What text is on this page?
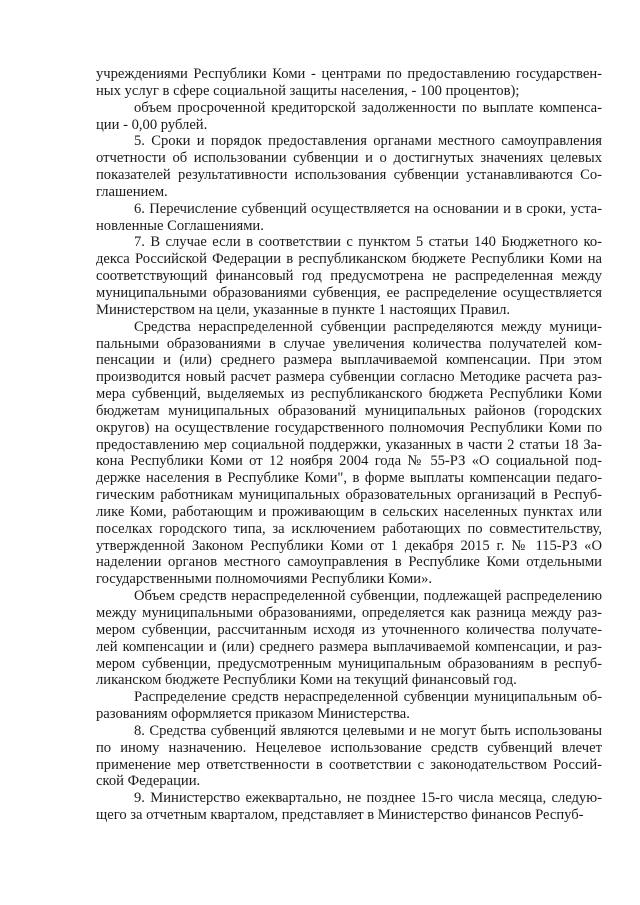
учреждениями Республики Коми - центрами по предоставлению государствен-ных услуг в сфере социальной защиты населения, - 100 процентов);

объем просроченной кредиторской задолженности по выплате компенса-ции - 0,00 рублей.

5. Сроки и порядок предоставления органами местного самоуправления отчетности об использовании субвенции и о достигнутых значениях целевых показателей результативности использования субвенции устанавливаются Со-глашением.

6. Перечисление субвенций осуществляется на основании и в сроки, уста-новленные Соглашениями.

7. В случае если в соответствии с пунктом 5 статьи 140 Бюджетного ко-декса Российской Федерации в республиканском бюджете Республики Коми на соответствующий финансовый год предусмотрена не распределенная между муниципальными образованиями субвенция, ее распределение осуществляется Министерством на цели, указанные в пункте 1 настоящих Правил.

Средства нераспределенной субвенции распределяются между муници-пальными образованиями в случае увеличения количества получателей ком-пенсации и (или) среднего размера выплачиваемой компенсации. При этом производится новый расчет размера субвенции согласно Методике расчета раз-мера субвенций, выделяемых из республиканского бюджета Республики Коми бюджетам муниципальных образований муниципальных районов (городских округов) на осуществление государственного полномочия Республики Коми по предоставлению мер социальной поддержки, указанных в части 2 статьи 18 За-кона Республики Коми от 12 ноября 2004 года № 55-РЗ «О социальной под-держке населения в Республике Коми", в форме выплаты компенсации педаго-гическим работникам муниципальных образовательных организаций в Респуб-лике Коми, работающим и проживающим в сельских населенных пунктах или поселках городского типа, за исключением работающих по совместительству, утвержденной Законом Республики Коми от 1 декабря 2015 г. № 115-РЗ «О наделении органов местного самоуправления в Республике Коми отдельными государственными полномочиями Республики Коми».

Объем средств нераспределенной субвенции, подлежащей распределению между муниципальными образованиями, определяется как разница между раз-мером субвенции, рассчитанным исходя из уточненного количества получате-лей компенсации и (или) среднего размера выплачиваемой компенсации, и раз-мером субвенции, предусмотренным муниципальным образованиям в респуб-ликанском бюджете Республики Коми на текущий финансовый год.

Распределение средств нераспределенной субвенции муниципальным об-разованиям оформляется приказом Министерства.

8. Средства субвенций являются целевыми и не могут быть использованы по иному назначению. Нецелевое использование средств субвенций влечет применение мер ответственности в соответствии с законодательством Россий-ской Федерации.

9. Министерство ежеквартально, не позднее 15-го числа месяца, следую-щего за отчетным кварталом, представляет в Министерство финансов Респуб-
